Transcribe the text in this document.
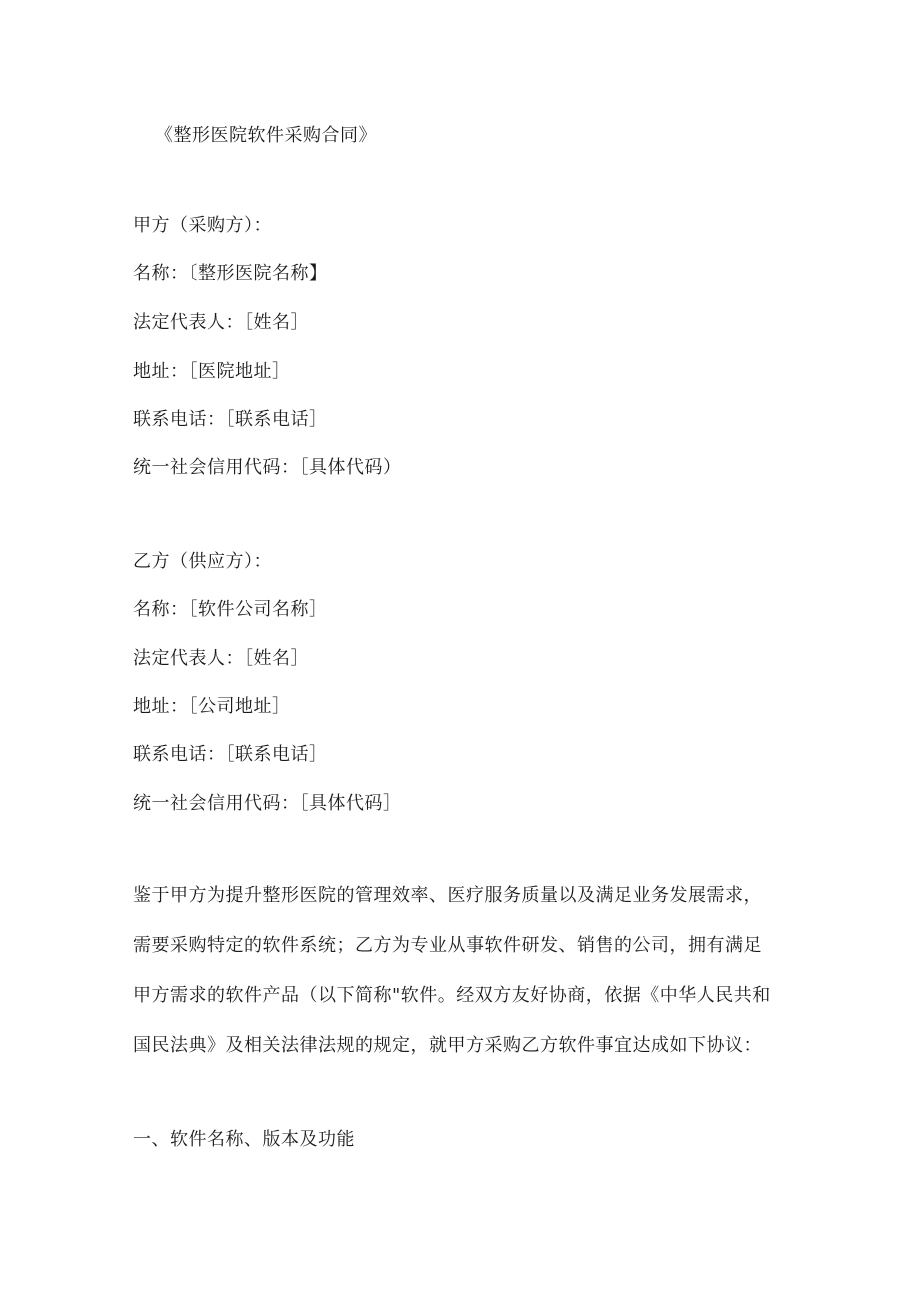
《整形医院软件采购合同》
甲方（采购方）：
名称：〔整形医院名称】
法定代表人：［姓名］
地址：［医院地址］
联系电话：［联系电话］
统一社会信用代码：［具体代码）
乙方（供应方）：
名称：［软件公司名称］
法定代表人：［姓名］
地址：［公司地址］
联系电话：［联系电话］
统一社会信用代码：［具体代码］
鉴于甲方为提升整形医院的管理效率、医疗服务质量以及满足业务发展需求，
需要采购特定的软件系统；乙方为专业从事软件研发、销售的公司，拥有满足
甲方需求的软件产品（以下简称"软件。经双方友好协商，依据《中华人民共和
国民法典》及相关法律法规的规定，就甲方采购乙方软件事宜达成如下协议：
一、软件名称、版本及功能
